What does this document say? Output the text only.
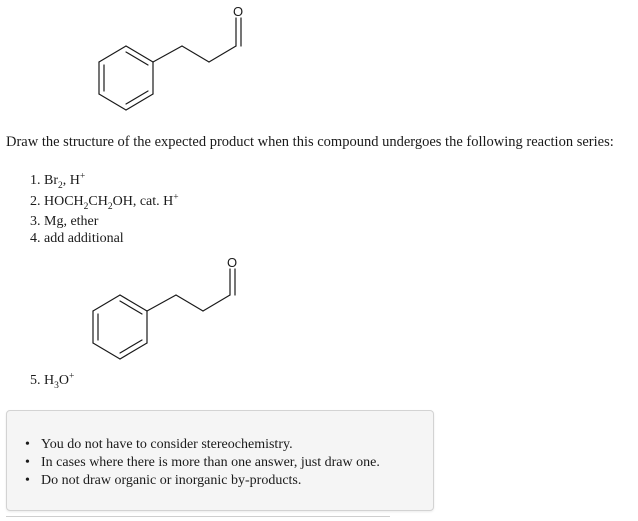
O
Draw the structure of the expected product when this compound undergoes the following reaction series:
1. $Br_2$, H+
2. $HOCH_2CH_2OH$, cat. H+
3. Mg, ether
4. add additional
O
5. $H_3O^+$
• You do not have to consider stereochemistry.
• In cases where there is more than one answer, just draw one.
• Do not draw organic or inorganic by-products.
